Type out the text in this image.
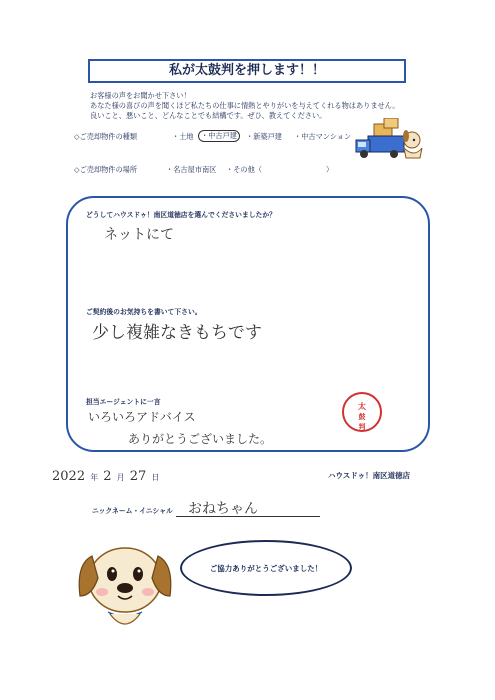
私が太鼓判を押します！！
お客様の声をお聞かせ下さい！
あなた様の喜びの声を聞くほど私たちの仕事に情熱とやりがいを与えてくれる物はありません。
良いこと、悪いこと、どんなことでも結構です。ぜひ、教えてください。
◇ご売却物件の種類	・土地	・中古戸建	・新築戸建 ・中古マンション
◇ご売却物件の場所	・名古屋市南区 ・その他（	）
どうしてハウスドゥ！南区道徳店を選んでくださいましたか？
ネットにて
ご契約後のお気持ちを書いて下さい。
少し複雑なきもちです
担当エージェントに一言
いろいろアドバイス
ありがとうございました。
太
鼓
判
2022 年 2 月 27 日	ハウスドゥ！南区道徳店
ニックネーム・イニシャル おねちゃん
ご協力ありがとうございました！
